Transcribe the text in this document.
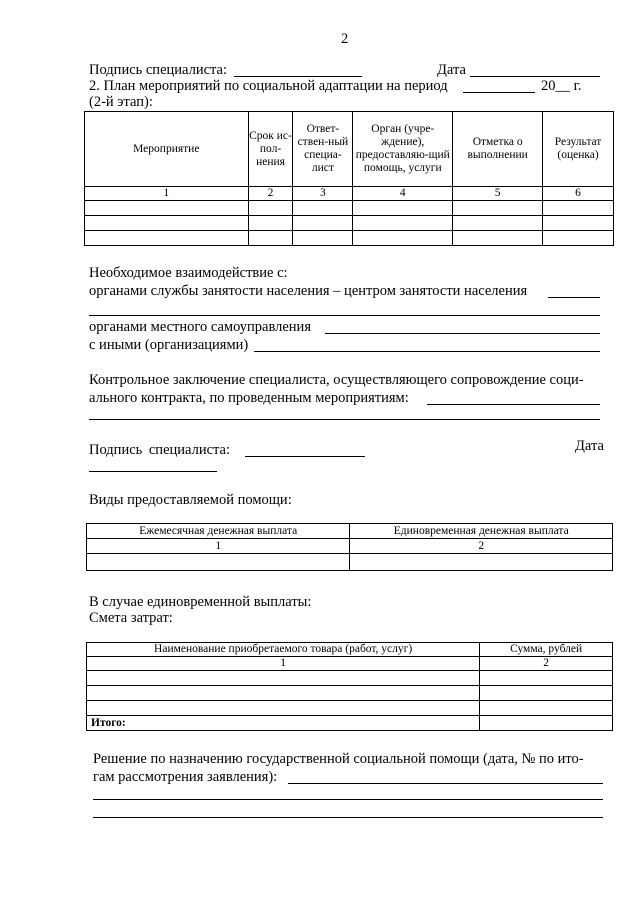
2
Подпись специалиста:	Дата
2. План мероприятий по социальной адаптации на период	20__ г.
(2-й этап):
Мероприятие	Срок ис-пол-нения	Ответ-ствен-ный специа-лист	Орган (учре-ждение), предоставляю-щий помощь, услуги	Отметка о выполнении	Результат (оценка)
1	2	3	4	5	6

Необходимое взаимодействие с:
органами службы занятости населения – центром занятости населения
органами местного самоуправления
с иными (организациями)
Контрольное заключение специалиста, осуществляющего сопровождение соци-
ального контракта, по проведенным мероприятиям:
Подпись специалиста:	Дата
Виды предоставляемой помощи:
Ежемесячная денежная выплата	Единовременная денежная выплата
1	2

В случае единовременной выплаты:
Смета затрат:
Наименование приобретаемого товара (работ, услуг)	Сумма, рублей
1	2

Итого:	
Решение по назначению государственной социальной помощи (дата, № по ито-
гам рассмотрения заявления):
